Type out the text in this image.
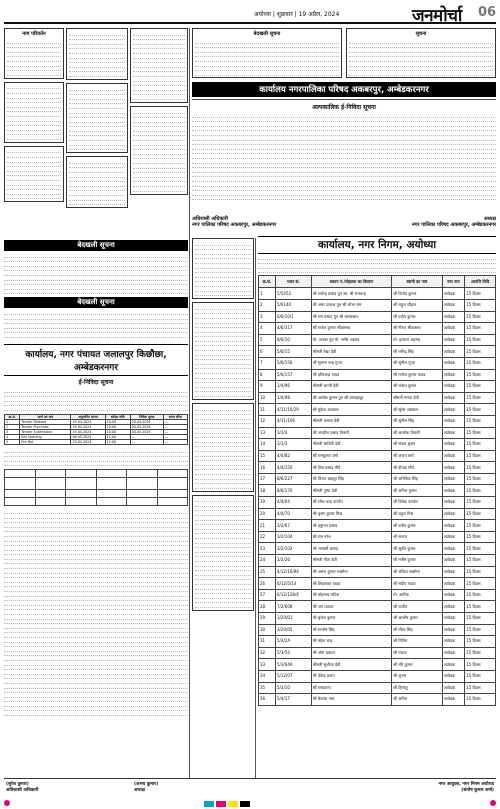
अयोध्या | शुक्रवार | 19 अप्रैल, 2024	जनमोर्चा 06
नाम परिवर्तन	बेदखली सूचना	सूचना
कार्यालय नगरपालिका परिषद अकबरपुर, अम्बेडकरनगर
अल्पकालिक ई-निविदा सूचना
अधिशासी अधिकारी
नगर पालिका परिषद अकबरपुर, अम्बेडकरनगर
अध्यक्ष
नगर पालिका परिषद अकबरपुर, अम्बेडकरनगर
बेदखली सूचना
बेदखली सूचना
कार्यालय, नगर पंचायत जलालपुर किछौछा, अम्बेडकरनगर
ई-निविदा सूचना
क्र.सं.	कार्य का नाम	अनुमानित लागत	धरोहर राशि	निविदा शुल्क	समय सीमा
1	Tender Release	19.04.2024	10:00	20.04.2024	—
2	Tender Purchase	19.04.2024	10:00	04.05.2024	—
3	Tender Submission	19.04.2024	10:00	04.05.2024	—
4	Bid Opening	06.05.2024	11:00	—	—
5	Pre Bid	25.04.2024	12:00	—	—

कार्यालय, नगर निगम, अयोध्या
क्र.सं.	भवन सं.	मकान नं./मोहल्ला का विवरण	स्वामी का नाम	नया नाम	आपत्ति तिथि
1	5/5452	श्री राजेन्द्र प्रसाद पुत्र स्व. श्री रामचन्द्र	श्री विनोद कुमार	आवेदक	15 दिवस
2	5/6140	श्री अमर प्रकाश पुत्र श्री शोभा राम	श्री राहुल चौहान	आवेदक	15 दिवस
3	6/6/10/1	श्री राम प्रसाद पुत्र श्री रामलखन	श्री प्रदीप कुमार	आवेदक	15 दिवस
4	4/6/317	श्री राजेश कुमार श्रीवास्तव	श्री नीरज श्रीवास्तव	आवेदक	15 दिवस
5	8/6/10	मो. अनवर पुत्र मो. नसीर अहमद	मो. इरफान अहमद	आवेदक	15 दिवस
6	5/6/15	श्रीमती रेखा देवी	श्री धर्मेन्द्र सिंह	आवेदक	15 दिवस
7	5/6/156	श्री सुभाष चन्द्र गुप्ता	श्री सुनील गुप्ता	आवेदक	15 दिवस
8	5/6/157	श्री हरिश्चन्द्र यादव	श्री मनोज कुमार यादव	आवेदक	15 दिवस
9	1/4/96	श्रीमती शान्ती देवी	श्री राकेश कुमार	आवेदक	15 दिवस
10	1/4/98	श्री अशोक कुमार पुत्र श्री रामबहादुर	श्रीमती ममता देवी	आवेदक	15 दिवस
11	4/11/10/29	श्री मुकेश अग्रवाल	श्री सुरेश अग्रवाल	आवेदक	15 दिवस
12	4/11/106	श्रीमती कमला देवी	श्री सुनील सिंह	आवेदक	15 दिवस
13	3/1/4	श्री जगदीश प्रसाद तिवारी	श्री आलोक तिवारी	आवेदक	15 दिवस
14	3/1/3	श्रीमती सावित्री देवी	श्री संजय शुक्ल	आवेदक	15 दिवस
15	4/4/82	श्री रामकुमार वर्मा	श्री अजय वर्मा	आवेदक	15 दिवस
16	4/4/150	श्री शिव प्रसाद मौर्य	श्री दीपक मौर्य	आवेदक	15 दिवस
17	8/6/227	श्री विजय बहादुर सिंह	श्री अभिषेक सिंह	आवेदक	15 दिवस
18	8/6/170	श्रीमती पुष्पा देवी	श्री अनिल कुमार	आवेदक	15 दिवस
19	4/4/04	श्री रमेश चन्द्र पाण्डेय	श्री विवेक पाण्डेय	आवेदक	15 दिवस
20	4/4/70	श्री कृष्ण कुमार मिश्र	श्री राहुल मिश्र	आवेदक	15 दिवस
21	3/2/67	श्री हनुमान प्रसाद	श्री प्रमोद कुमार	आवेदक	15 दिवस
22	3/2/104	श्री राम नरेश	श्री सत्यम	आवेदक	15 दिवस
23	3/2/102	श्री भगवती प्रसाद	श्री सुधीर कुमार	आवेदक	15 दिवस
24	3/2/26	श्रीमती गीता देवी	श्री मनीष कुमार	आवेदक	15 दिवस
25	4/12/16/94	श्री अरुण कुमार सक्सेना	श्री अंकित सक्सेना	आवेदक	15 दिवस
26	6/12/5/14	श्री शिवशंकर यादव	श्री संदीप यादव	आवेदक	15 दिवस
27	6/12/128/4	श्री मोहम्मद रफीक	मो. आरिफ	आवेदक	15 दिवस
28	7/2/608	श्री जय प्रकाश	श्री राजीव	आवेदक	15 दिवस
29	3/20/01	श्री बृजेश कुमार	श्री आशीष कुमार	आवेदक	15 दिवस
30	3/20/05	श्री सन्तोष सिंह	श्री गौरव सिंह	आवेदक	15 दिवस
31	5/3/2A	श्री महेश चन्द्र	श्री नितिन	आवेदक	15 दिवस
32	5/3/54	श्री ओम प्रकाश	श्री पंकज	आवेदक	15 दिवस
33	5/3/64A	श्रीमती सुशीला देवी	श्री रवि कुमार	आवेदक	15 दिवस
34	5/12/07	श्री देवेन्द्र प्रताप	श्री शुभम	आवेदक	15 दिवस
35	5/3/10	श्री रामप्रताप	श्री हिमांशु	आवेदक	15 दिवस
36	5/4/17	श्री कैलाश नाथ	श्री अमित	आवेदक	15 दिवस
(सुरेश कुमार)
अधिशासी अधिकारी
(अभय कुमार)
अध्यक्ष
नगर आयुक्त, नगर निगम अयोध्या
(संतोष कुमार शर्मा)
